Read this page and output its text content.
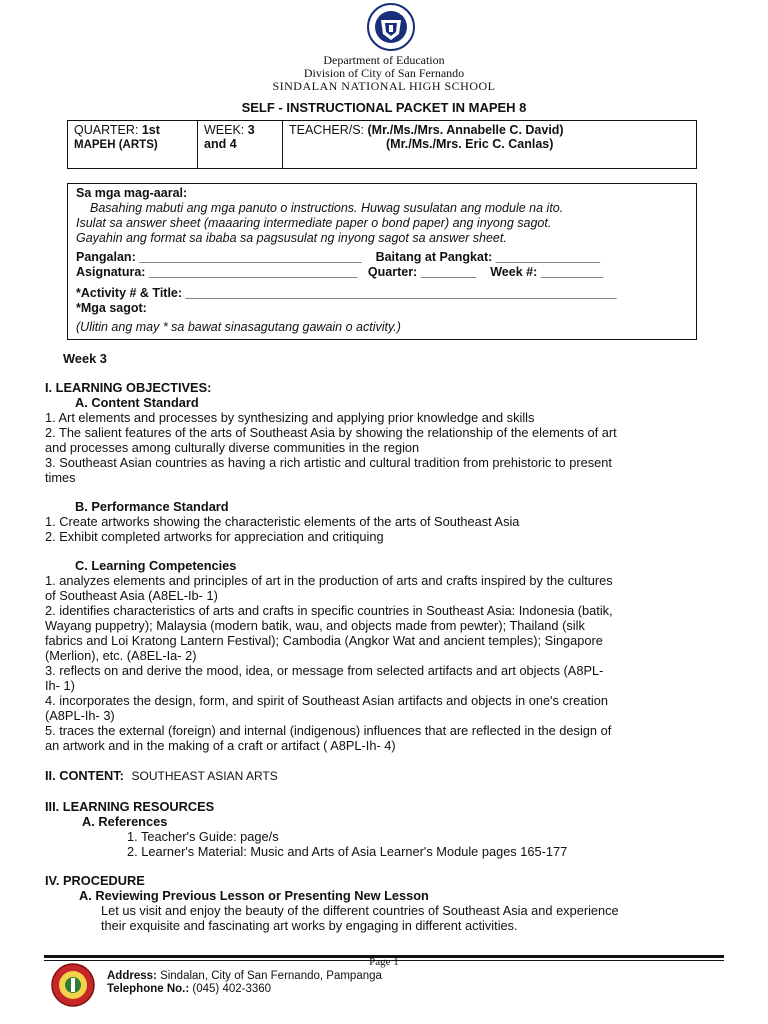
Department of Education
Division of City of San Fernando
SINDALAN NATIONAL HIGH SCHOOL
SELF - INSTRUCTIONAL PACKET IN MAPEH 8
QUARTER: 1st
MAPEH (ARTS)
WEEK: 3
and 4
TEACHER/S: (Mr./Ms./Mrs. Annabelle C. David)
(Mr./Ms./Mrs. Eric C. Canlas)
Sa mga mag-aaral:
Basahing mabuti ang mga panuto o instructions. Huwag susulatan ang module na ito.
Isulat sa answer sheet (maaaring intermediate paper o bond paper) ang inyong sagot.
Gayahin ang format sa ibaba sa pagsusulat ng inyong sagot sa answer sheet.
Pangalan: ________________________________ Baitang at Pangkat: _______________
Asignatura: ______________________________ Quarter: ________ Week #: _________
*Activity # & Title: ______________________________________________________________
*Mga sagot:
(Ulitin ang may * sa bawat sinasagutang gawain o activity.)
Week 3
I. LEARNING OBJECTIVES:
A. Content Standard
1. Art elements and processes by synthesizing and applying prior knowledge and skills
2. The salient features of the arts of Southeast Asia by showing the relationship of the elements of art
and processes among culturally diverse communities in the region
3. Southeast Asian countries as having a rich artistic and cultural tradition from prehistoric to present
times
B. Performance Standard
1. Create artworks showing the characteristic elements of the arts of Southeast Asia
2. Exhibit completed artworks for appreciation and critiquing
C. Learning Competencies
1. analyzes elements and principles of art in the production of arts and crafts inspired by the cultures
of Southeast Asia (A8EL-Ib- 1)
2. identifies characteristics of arts and crafts in specific countries in Southeast Asia: Indonesia (batik,
Wayang puppetry); Malaysia (modern batik, wau, and objects made from pewter); Thailand (silk
fabrics and Loi Kratong Lantern Festival); Cambodia (Angkor Wat and ancient temples); Singapore
(Merlion), etc. (A8EL-Ia- 2)
3. reflects on and derive the mood, idea, or message from selected artifacts and art objects (A8PL-
Ih- 1)
4. incorporates the design, form, and spirit of Southeast Asian artifacts and objects in one's creation
(A8PL-Ih- 3)
5. traces the external (foreign) and internal (indigenous) influences that are reflected in the design of
an artwork and in the making of a craft or artifact ( A8PL-Ih- 4)
II. CONTENT: SOUTHEAST ASIAN ARTS
III. LEARNING RESOURCES
A. References
1. Teacher's Guide: page/s
2. Learner's Material: Music and Arts of Asia Learner's Module pages 165-177
IV. PROCEDURE
A. Reviewing Previous Lesson or Presenting New Lesson
Let us visit and enjoy the beauty of the different countries of Southeast Asia and experience
their exquisite and fascinating art works by engaging in different activities.
Page 1
Address: Sindalan, City of San Fernando, Pampanga
Telephone No.: (045) 402-3360
